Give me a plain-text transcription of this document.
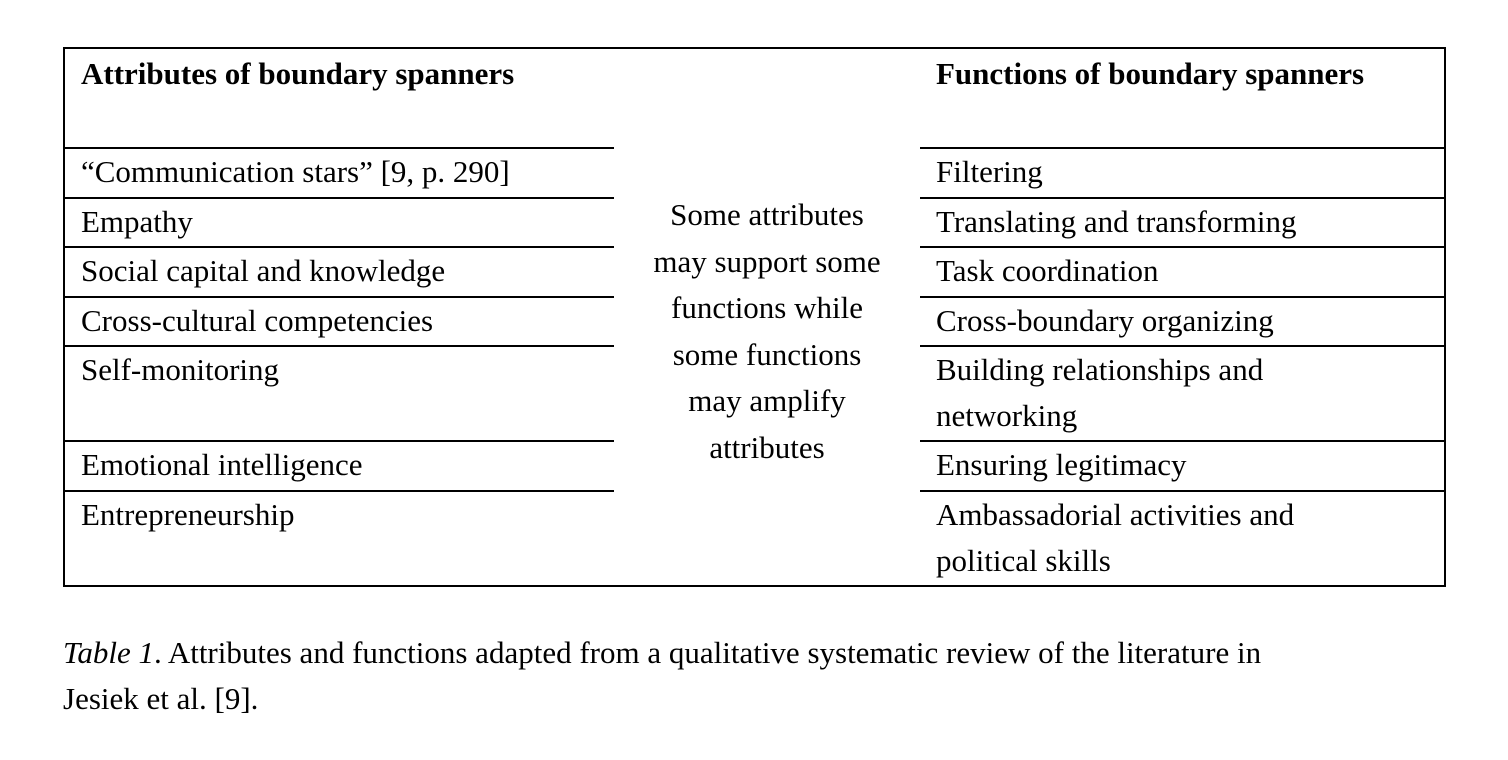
Attributes of boundary spanners
“Communication stars” [9, p. 290]
Empathy
Social capital and knowledge
Cross-cultural competencies
Self-monitoring
Emotional intelligence
Entrepreneurship
Some attributes
may support some
functions while
some functions
may amplify
attributes
Functions of boundary spanners
Filtering
Translating and transforming
Task coordination
Cross-boundary organizing
Building relationships and
networking
Ensuring legitimacy
Ambassadorial activities and
political skills
Table 1. Attributes and functions adapted from a qualitative systematic review of the literature in
Jesiek et al. [9].
